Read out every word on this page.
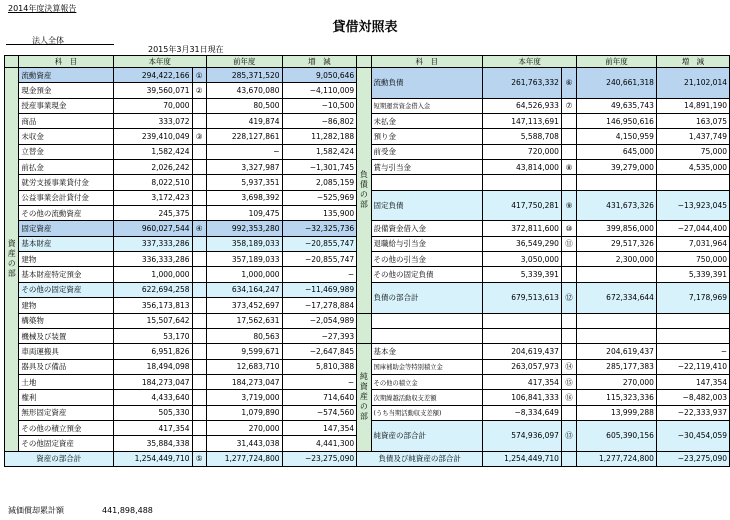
2014年度決算報告
貸借対照表
法人全体
2015年3月31日現在
	科　目	本年度		前年度	増　減		科　目	本年度		前年度	増　減
資産の部	流動資産	294,422,166	①	285,371,520	9,050,646	負債の部	流動負債	261,763,332	⑥	240,661,318	21,102,014
	現金預金	39,560,071	②	43,670,080	−4,110,009						
	授産事業現金	70,000		80,500	−10,500		短期運営資金借入金	64,526,933	⑦	49,635,743	14,891,190
	商品	333,072		419,874	−86,802		未払金	147,113,691		146,950,616	163,075
	未収金	239,410,049	③	228,127,861	11,282,188		預り金	5,588,708		4,150,959	1,437,749
	立替金	1,582,424		−	1,582,424		前受金	720,000		645,000	75,000
	前払金	2,026,242		3,327,987	−1,301,745		賞与引当金	43,814,000	⑧	39,279,000	4,535,000
	就労支援事業貸付金	8,022,510		5,937,351	2,085,159						
	公益事業会計貸付金	3,172,423		3,698,392	−525,969		固定負債	417,750,281	⑨	431,673,326	−13,923,045
	その他の流動資産	245,375		109,475	135,900						
	固定資産	960,027,544	④	992,353,280	−32,325,736		設備資金借入金	372,811,600	⑩	399,856,000	−27,044,400
	基本財産	337,333,286		358,189,033	−20,855,747		退職給与引当金	36,549,290	⑪	29,517,326	7,031,964
	建物	336,333,286		357,189,033	−20,855,747		その他の引当金	3,050,000		2,300,000	750,000
	基本財産特定預金	1,000,000		1,000,000	−		その他の固定負債	5,339,391			5,339,391
	その他の固定資産	622,694,258		634,164,247	−11,469,989		負債の部合計	679,513,613	⑫	672,334,644	7,178,969
	建物	356,173,813		373,452,697	−17,278,884						
	構築物	15,507,642		17,562,631	−2,054,989						
	機械及び装置	53,170		80,563	−27,393						
	車両運搬具	6,951,826		9,599,671	−2,647,845	純資産の部	基本金	204,619,437		204,619,437	−
	器具及び備品	18,494,098		12,683,710	5,810,388		国庫補助金等特別積立金	263,057,973	⑭	285,177,383	−22,119,410
	土地	184,273,047		184,273,047	−		その他の積立金	417,354	⑮	270,000	147,354
	権利	4,433,640		3,719,000	714,640		次期繰越活動収支差額	106,841,333	⑯	115,323,336	−8,482,003
	無形固定資産	505,330		1,079,890	−574,560		(うち当期活動収支差額)	−8,334,649		13,999,288	−22,333,937
	その他の積立預金	417,354		270,000	147,354		純資産の部合計	574,936,097	⑬	605,390,156	−30,454,059
	その他固定資産	35,884,338		31,443,038	4,441,300						
資産の部合計		1,254,449,710	⑤	1,277,724,800	−23,275,090	負債及び純資産の部合計		1,254,449,710		1,277,724,800	−23,275,090
減価償却累計額	441,898,488
